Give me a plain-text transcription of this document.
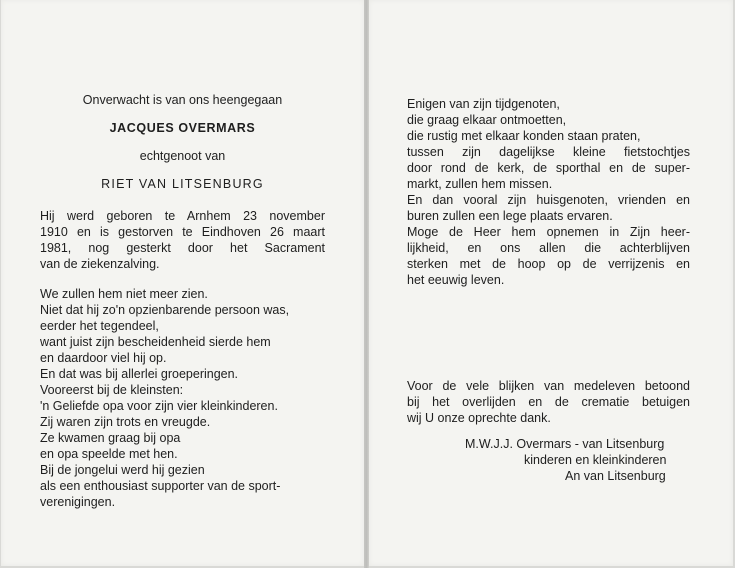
Onverwacht is van ons heengegaan
JACQUES OVERMARS
echtgenoot van
RIET VAN LITSENBURG
Hij werd geboren te Arnhem 23 november
1910 en is gestorven te Eindhoven 26 maart
1981, nog gesterkt door het Sacrament
van de ziekenzalving.
We zullen hem niet meer zien.
Niet dat hij zo'n opzienbarende persoon was,
eerder het tegendeel,
want juist zijn bescheidenheid sierde hem
en daardoor viel hij op.
En dat was bij allerlei groeperingen.
Vooreerst bij de kleinsten:
'n Geliefde opa voor zijn vier kleinkinderen.
Zij waren zijn trots en vreugde.
Ze kwamen graag bij opa
en opa speelde met hen.
Bij de jongelui werd hij gezien
als een enthousiast supporter van de sport-
verenigingen.
Enigen van zijn tijdgenoten,
die graag elkaar ontmoetten,
die rustig met elkaar konden staan praten,
tussen zijn dagelijkse kleine fietstochtjes
door rond de kerk, de sporthal en de super-
markt, zullen hem missen.
En dan vooral zijn huisgenoten, vrienden en
buren zullen een lege plaats ervaren.
Moge de Heer hem opnemen in Zijn heer-
lijkheid, en ons allen die achterblijven
sterken met de hoop op de verrijzenis en
het eeuwig leven.
Voor de vele blijken van medeleven betoond
bij het overlijden en de crematie betuigen
wij U onze oprechte dank.
M.W.J.J. Overmars - van Litsenburg
kinderen en kleinkinderen
An van Litsenburg
